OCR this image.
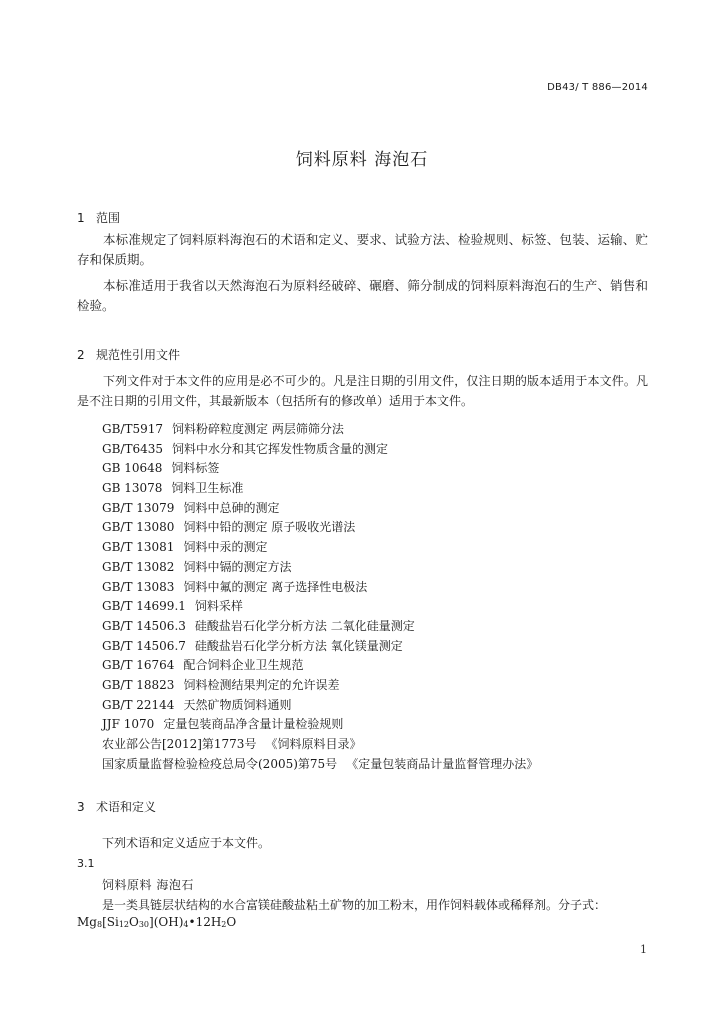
DB43/ T 886—2014
饲料原料 海泡石
1 范围

本标准规定了饲料原料海泡石的术语和定义、要求、试验方法、检验规则、标签、包装、运输、贮存和保质期。

本标准适用于我省以天然海泡石为原料经破碎、碾磨、筛分制成的饲料原料海泡石的生产、销售和检验。

2 规范性引用文件

下列文件对于本文件的应用是必不可少的。凡是注日期的引用文件，仅注日期的版本适用于本文件。凡是不注日期的引用文件，其最新版本（包括所有的修改单）适用于本文件。

GB/T5917 饲料粉碎粒度测定 两层筛筛分法
GB/T6435 饲料中水分和其它挥发性物质含量的测定
GB 10648 饲料标签
GB 13078 饲料卫生标准
GB/T 13079 饲料中总砷的测定
GB/T 13080 饲料中铅的测定 原子吸收光谱法
GB/T 13081 饲料中汞的测定
GB/T 13082 饲料中镉的测定方法
GB/T 13083 饲料中氟的测定 离子选择性电极法
GB/T 14699.1 饲料采样
GB/T 14506.3 硅酸盐岩石化学分析方法 二氧化硅量测定
GB/T 14506.7 硅酸盐岩石化学分析方法 氧化镁量测定
GB/T 16764 配合饲料企业卫生规范
GB/T 18823 饲料检测结果判定的允许误差
GB/T 22144 天然矿物质饲料通则
JJF 1070 定量包装商品净含量计量检验规则
农业部公告[2012]第1773号 《饲料原料目录》
国家质量监督检验检疫总局令(2005)第75号 《定量包装商品计量监督管理办法》
3 术语和定义
下列术语和定义适应于本文件。
3.1
饲料原料 海泡石
是一类具链层状结构的水合富镁硅酸盐粘土矿物的加工粉末，用作饲料载体或稀释剂。分子式：
$Mg_8[Si_{12}O_{30}](OH)_4•12H_2O$
1
